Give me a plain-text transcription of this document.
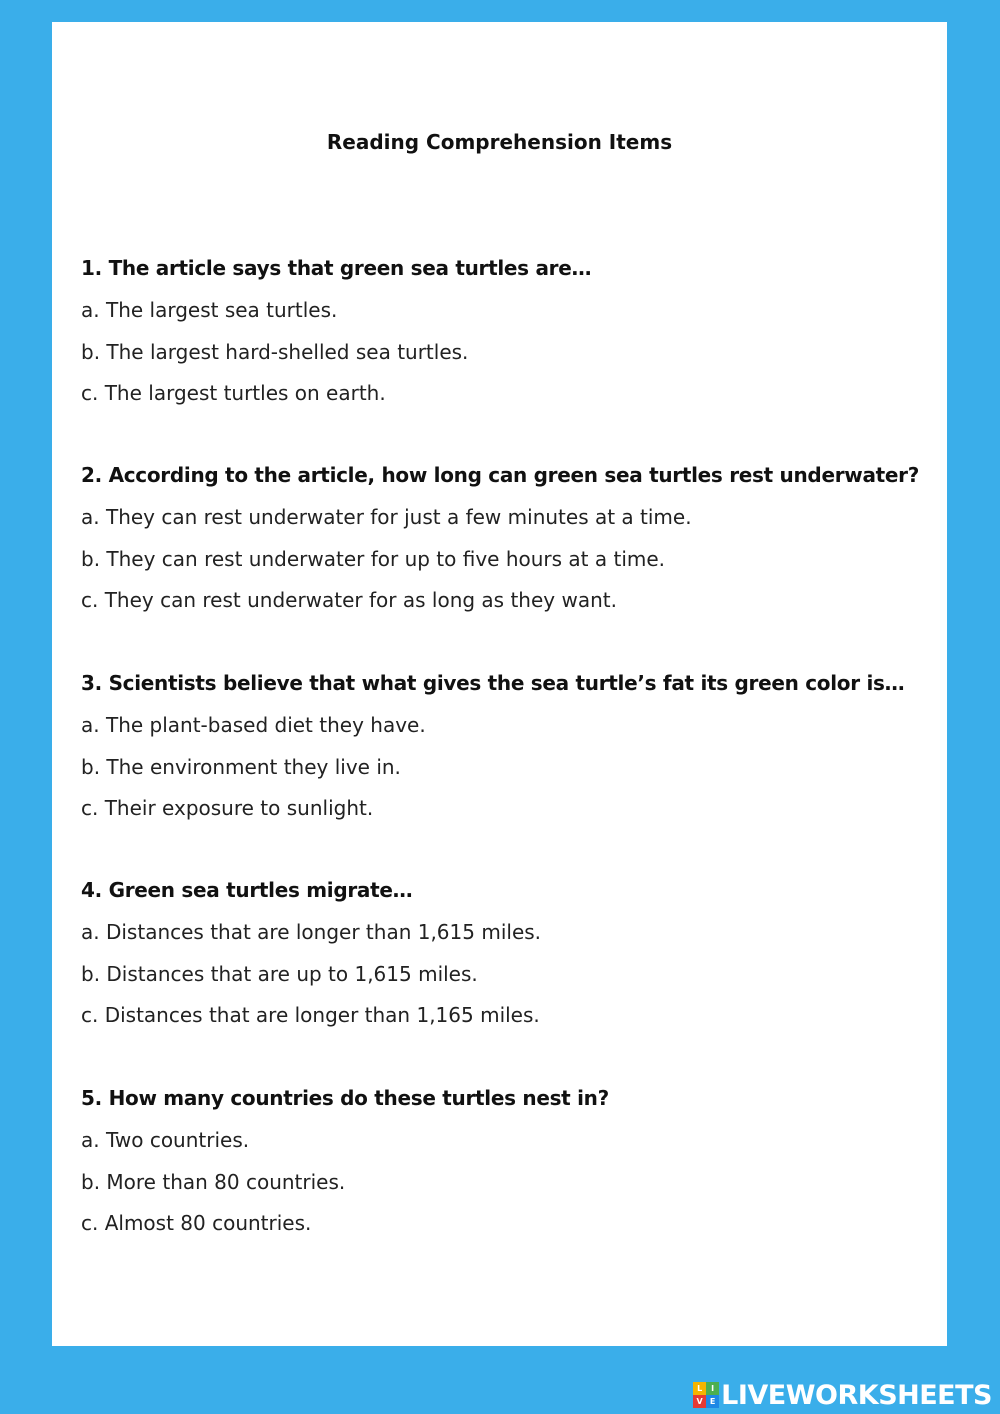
Reading Comprehension Items

1. The article says that green sea turtles are…

a. The largest sea turtles.

b. The largest hard-shelled sea turtles.

c. The largest turtles on earth.

2. According to the article, how long can green sea turtles rest underwater?

a. They can rest underwater for just a few minutes at a time.

b. They can rest underwater for up to five hours at a time.

c. They can rest underwater for as long as they want.

3. Scientists believe that what gives the sea turtle’s fat its green color is…

a. The plant-based diet they have.

b. The environment they live in.

c. Their exposure to sunlight.

4. Green sea turtles migrate…

a. Distances that are longer than 1,615 miles.

b. Distances that are up to 1,615 miles.

c. Distances that are longer than 1,165 miles.

5. How many countries do these turtles nest in?

a. Two countries.

b. More than 80 countries.

c. Almost 80 countries.

L	I
V E LIVEWORKSHEETS
